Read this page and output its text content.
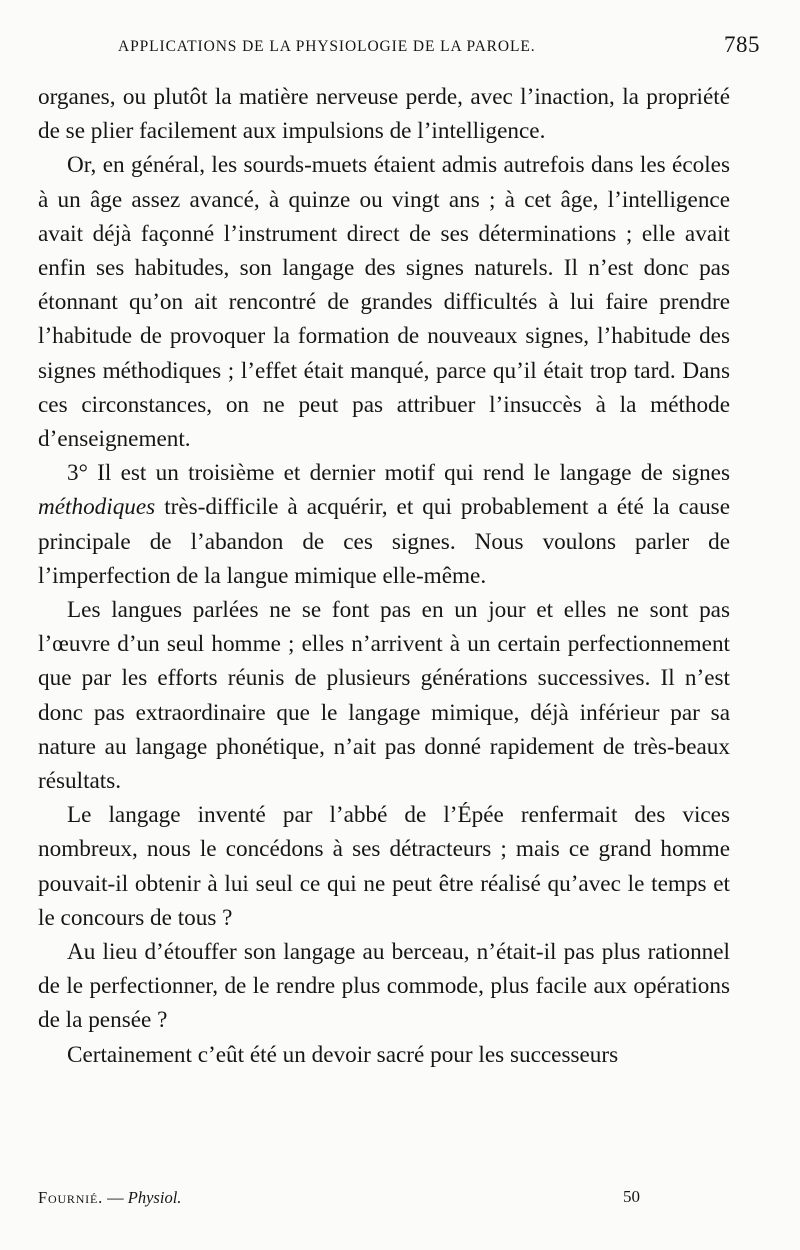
APPLICATIONS DE LA PHYSIOLOGIE DE LA PAROLE.	785

organes, ou plutôt la matière nerveuse perde, avec l’inaction, la propriété de se plier facilement aux impulsions de l’intelligence.

Or, en général, les sourds-muets étaient admis autrefois dans les écoles à un âge assez avancé, à quinze ou vingt ans ; à cet âge, l’intelligence avait déjà façonné l’instrument direct de ses déterminations ; elle avait enfin ses habitudes, son langage des signes naturels. Il n’est donc pas étonnant qu’on ait rencontré de grandes difficultés à lui faire prendre l’habitude de provoquer la formation de nouveaux signes, l’habitude des signes méthodiques ; l’effet était manqué, parce qu’il était trop tard. Dans ces circonstances, on ne peut pas attribuer l’insuccès à la méthode d’enseignement.

3° Il est un troisième et dernier motif qui rend le langage de signes méthodiques très-difficile à acquérir, et qui probablement a été la cause principale de l’abandon de ces signes. Nous voulons parler de l’imperfection de la langue mimique elle-même.

Les langues parlées ne se font pas en un jour et elles ne sont pas l’œuvre d’un seul homme ; elles n’arrivent à un certain perfectionnement que par les efforts réunis de plusieurs générations successives. Il n’est donc pas extraordinaire que le langage mimique, déjà inférieur par sa nature au langage phonétique, n’ait pas donné rapidement de très-beaux résultats.

Le langage inventé par l’abbé de l’Épée renfermait des vices nombreux, nous le concédons à ses détracteurs ; mais ce grand homme pouvait-il obtenir à lui seul ce qui ne peut être réalisé qu’avec le temps et le concours de tous ?

Au lieu d’étouffer son langage au berceau, n’était-il pas plus rationnel de le perfectionner, de le rendre plus commode, plus facile aux opérations de la pensée ?

Certainement c’eût été un devoir sacré pour les successeurs

Fournié. — Physiol.	50
